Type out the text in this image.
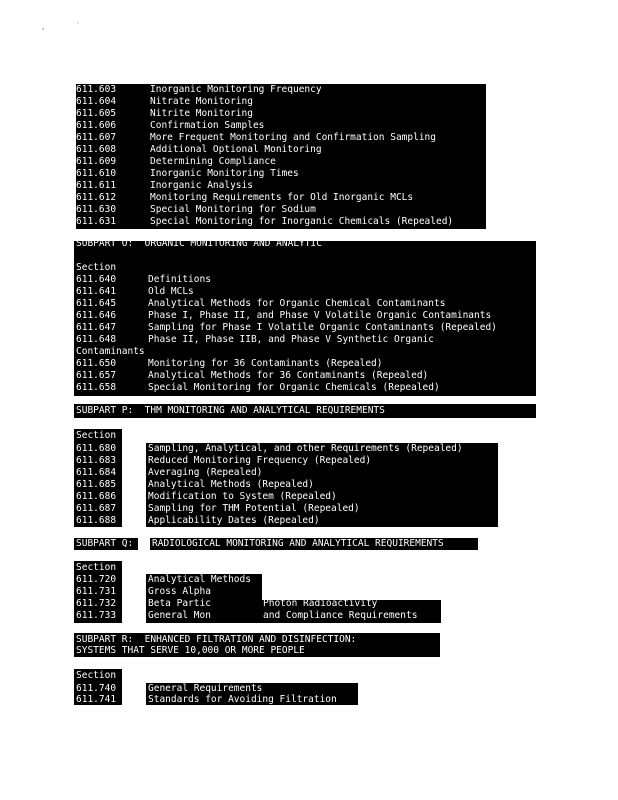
'
`
611.603	Inorganic Monitoring Frequency
611.604	Nitrate Monitoring
611.605	Nitrite Monitoring
611.606	Confirmation Samples
611.607	More Frequent Monitoring and Confirmation Sampling
611.608	Additional Optional Monitoring
611.609	Determining Compliance
611.610	Inorganic Monitoring Times
611.611	Inorganic Analysis
611.612	Monitoring Requirements for Old Inorganic MCLs
611.630	Special Monitoring for Sodium
611.631	Special Monitoring for Inorganic Chemicals (Repealed)
SUBPART O:  ORGANIC MONITORING AND ANALYTIC
Section
611.640	Definitions
611.641	Old MCLs
611.645	Analytical Methods for Organic Chemical Contaminants
611.646	Phase I, Phase II, and Phase V Volatile Organic Contaminants
611.647	Sampling for Phase I Volatile Organic Contaminants (Repealed)
611.648	Phase II, Phase IIB, and Phase V Synthetic Organic
Contaminants
611.650	Monitoring for 36 Contaminants (Repealed)
611.657	Analytical Methods for 36 Contaminants (Repealed)
611.658	Special Monitoring for Organic Chemicals (Repealed)
SUBPART P:  THM MONITORING AND ANALYTICAL REQUIREMENTS
Section
611.680	Sampling, Analytical, and other Requirements (Repealed)
611.683	Reduced Monitoring Frequency (Repealed)
611.684	Averaging (Repealed)
611.685	Analytical Methods (Repealed)
611.686	Modification to System (Repealed)
611.687	Sampling for THM Potential (Repealed)
611.688	Applicability Dates (Repealed)
SUBPART Q: RADIOLOGICAL MONITORING AND ANALYTICAL REQUIREMENTS
Section
611.720	Analytical Methods
611.731	Gross Alpha
611.732	Beta Partic	Photon Radioactivity
611.733	General Mon	and Compliance Requirements
SUBPART R:  ENHANCED FILTRATION AND DISINFECTION:
SYSTEMS THAT SERVE 10,000 OR MORE PEOPLE
Section
611.740	General Requirements
611.741	Standards for Avoiding Filtration
